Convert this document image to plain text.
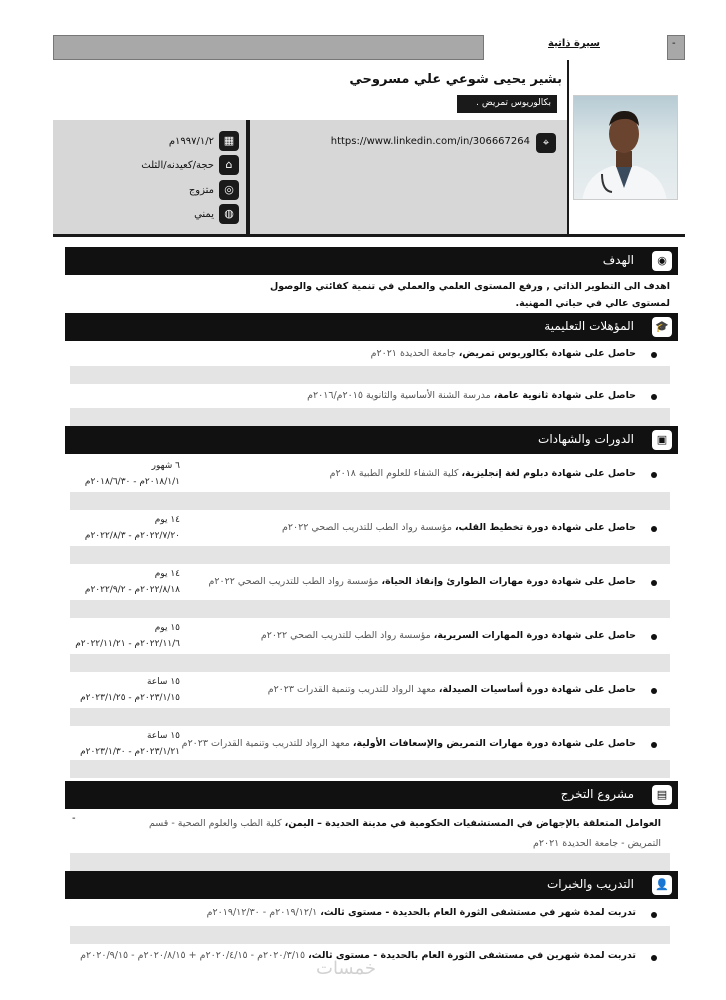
سيرة ذاتية	-
بشير يحيى شوعي علي مسروحي
بكالوريوس تمريض .
⌖
https://www.linkedin.com/in/306667264
▦
١٩٩٧/١/٢م
⌂
حجة/كعيدنه/الثلث
◎
متزوج
◍
يمني
الهدف	◉
اهدف الى التطوير الذاتي , ورفع المستوى العلمي والعملي في تنمية كفائتي والوصول لمستوى عالي في حياتي المهنية.
المؤهلات التعليمية 🎓
حاصل على شهادة بكالوريوس تمريض، جامعة الحديدة ٢٠٢١م
حاصل على شهادة ثانوية عامة، مدرسة الشنة الأساسية والثانوية ٢٠١٥م/٢٠١٦م
الدورات والشهادات	▣
٦ شهور
٢٠١٨/١/١م - ٢٠١٨/٦/٣٠م
حاصل على شهادة دبلوم لغة إنجليزية، كلية الشفاء للعلوم الطبية ٢٠١٨م
١٤ يوم
٢٠٢٢/٧/٢٠م - ٢٠٢٢/٨/٣م
حاصل على شهادة دورة تخطيط القلب، مؤسسة رواد الطب للتدريب الصحي ٢٠٢٢م
١٤ يوم
٢٠٢٢/٨/١٨م - ٢٠٢٢/٩/٢م
حاصل على شهادة دورة مهارات الطوارئ وإنقاذ الحياة، مؤسسة رواد الطب للتدريب الصحي ٢٠٢٢م
١٥ يوم
٢٠٢٢/١١/٦م - ٢٠٢٢/١١/٢١م
حاصل على شهادة دورة المهارات السريرية، مؤسسة رواد الطب للتدريب الصحي ٢٠٢٢م
١٥ ساعة
٢٠٢٣/١/١٥م - ٢٠٢٣/١/٢٥م
حاصل على شهادة دورة أساسيات الصيدلة، معهد الرواد للتدريب وتنمية القدرات ٢٠٢٣م
١٥ ساعة
٢٠٢٣/١/٢١م - ٢٠٢٣/١/٣٠م
حاصل على شهادة دورة مهارات التمريض والإسعافات الأولية، معهد الرواد للتدريب وتنمية القدرات ٢٠٢٣م
مشروع التخرج	▤
-	العوامل المتعلقة بالإجهاض في المستشفيات الحكومية في مدينة الحديدة – اليمن، كلية الطب والعلوم الصحية - قسم
التمريض - جامعة الحديدة ٢٠٢١م
التدريب والخبرات 👤
تدربت لمدة شهر في مستشفى الثورة العام بالحديدة - مستوى ثالث، ٢٠١٩/١٢/١م - ٢٠١٩/١٢/٣٠م
تدربت لمدة شهرين في مستشفى الثورة العام بالحديدة - مستوى ثالث، ٢٠٢٠/٣/١٥م - ٢٠٢٠/٤/١٥م + ٢٠٢٠/٨/١٥م - ٢٠٢٠/٩/١٥م
خمسات
